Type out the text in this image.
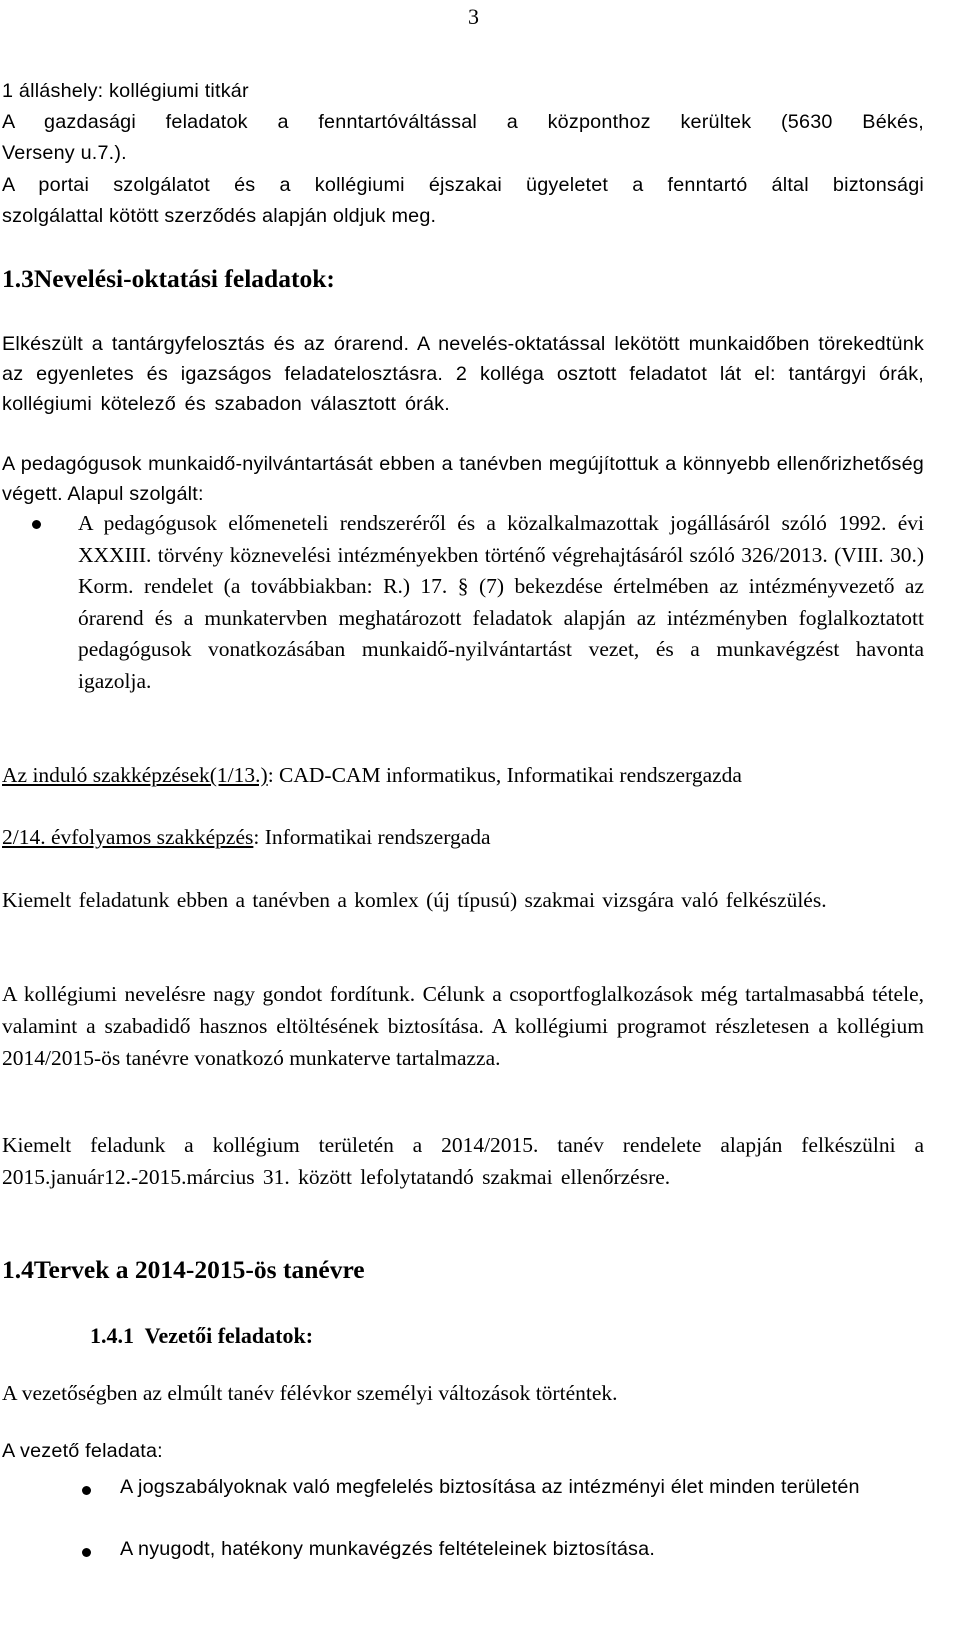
3
1 álláshely: kollégiumi titkár
A gazdasági feladatok a fenntartóváltással a központhoz kerültek (5630 Békés,
Verseny u.7.).
A portai szolgálatot és a kollégiumi éjszakai ügyeletet a fenntartó által biztonsági
szolgálattal kötött szerződés alapján oldjuk meg.
1.3Nevelési-oktatási feladatok:
Elkészült a tantárgyfelosztás és az órarend. A nevelés-oktatással lekötött munkaidőben törekedtünk az egyenletes és igazságos feladatelosztásra. 2 kolléga osztott feladatot lát el: tantárgyi órák, kollégiumi kötelező és szabadon választott órák.
A pedagógusok munkaidő-nyilvántartását ebben a tanévben megújítottuk a könnyebb ellenőrizhetőség végett. Alapul szolgált:
A pedagógusok előmeneteli rendszeréről és a közalkalmazottak jogállásáról szóló 1992. évi XXXIII. törvény köznevelési intézményekben történő végrehajtásáról szóló 326/2013. (VIII. 30.) Korm. rendelet (a továbbiakban: R.) 17. § (7) bekezdése értelmében az intézményvezető az órarend és a munkatervben meghatározott feladatok alapján az intézményben foglalkoztatott pedagógusok vonatkozásában munkaidő-nyilvántartást vezet, és a munkavégzést havonta igazolja.
Az induló szakképzések(1/13.): CAD-CAM informatikus, Informatikai rendszergazda
2/14. évfolyamos szakképzés: Informatikai rendszergada
Kiemelt feladatunk ebben a tanévben a komlex (új típusú) szakmai vizsgára való felkészülés.
A kollégiumi nevelésre nagy gondot fordítunk. Célunk a csoportfoglalkozások még tartalmasabbá tétele, valamint a szabadidő hasznos eltöltésének biztosítása. A kollégiumi programot részletesen a kollégium 2014/2015-ös tanévre vonatkozó munkaterve tartalmazza.
Kiemelt feladunk a kollégium területén a 2014/2015. tanév rendelete alapján felkészülni a 2015.január12.-2015.március 31. között lefolytatandó szakmai ellenőrzésre.
1.4Tervek a 2014-2015-ös tanévre
1.4.1  Vezetői feladatok:
A vezetőségben az elmúlt tanév félévkor személyi változások történtek.
A vezető feladata:
A jogszabályoknak való megfelelés biztosítása az intézményi élet minden területén
A nyugodt, hatékony munkavégzés feltételeinek biztosítása.
